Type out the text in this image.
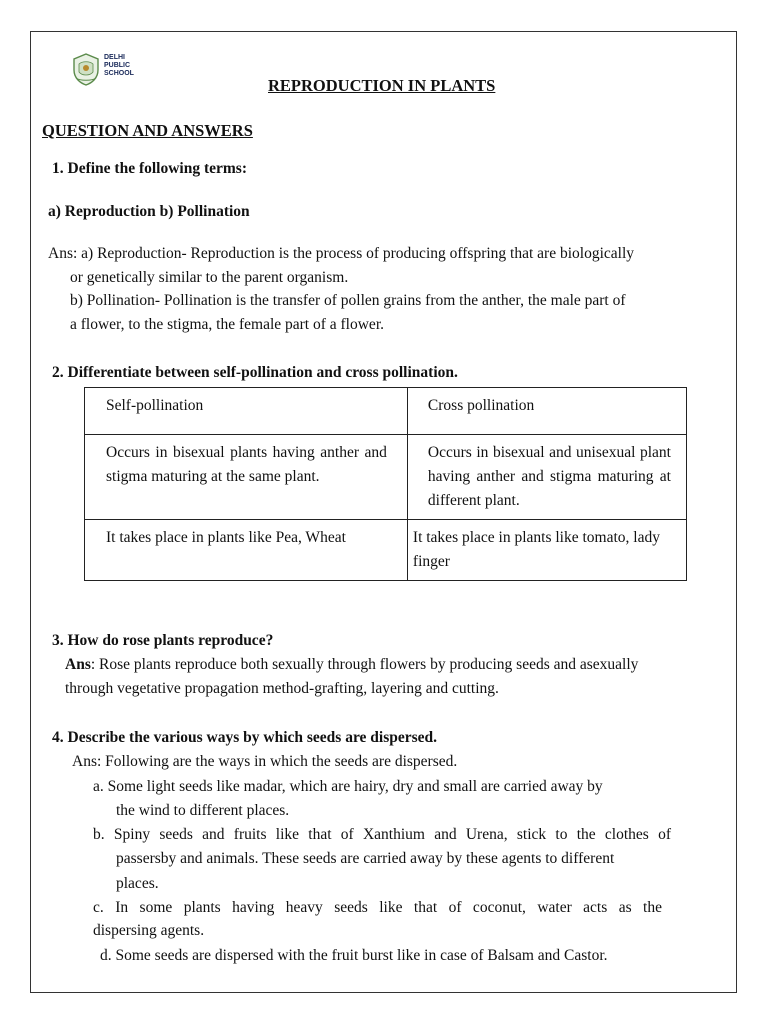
DELHI
PUBLIC
SCHOOL
REPRODUCTION IN PLANTS
QUESTION AND ANSWERS
1. Define the following terms:
a) Reproduction b) Pollination
Ans: a) Reproduction- Reproduction is the process of producing offspring that are biologically
or genetically similar to the parent organism.
b) Pollination- Pollination is the transfer of pollen grains from the anther, the male part of
a flower, to the stigma, the female part of a flower.
2. Differentiate between self-pollination and cross pollination.
Self-pollination	Cross pollination
Occurs in bisexual plants having anther and stigma maturing at the same plant.	Occurs in bisexual and unisexual plant having anther and stigma maturing at different plant.
It takes place in plants like Pea, Wheat	It takes place in plants like tomato, lady finger
3. How do rose plants reproduce?
Ans: Rose plants reproduce both sexually through flowers by producing seeds and asexually
through vegetative propagation method-grafting, layering and cutting.
4. Describe the various ways by which seeds are dispersed.
Ans: Following are the ways in which the seeds are dispersed.
a. Some light seeds like madar, which are hairy, dry and small are carried away by
the wind to different places.
b. Spiny seeds and fruits like that of Xanthium and Urena, stick to the clothes of
passersby and animals. These seeds are carried away by these agents to different
places.
c. In some plants having heavy seeds like that of coconut, water acts as the
dispersing agents.
d. Some seeds are dispersed with the fruit burst like in case of Balsam and Castor.
